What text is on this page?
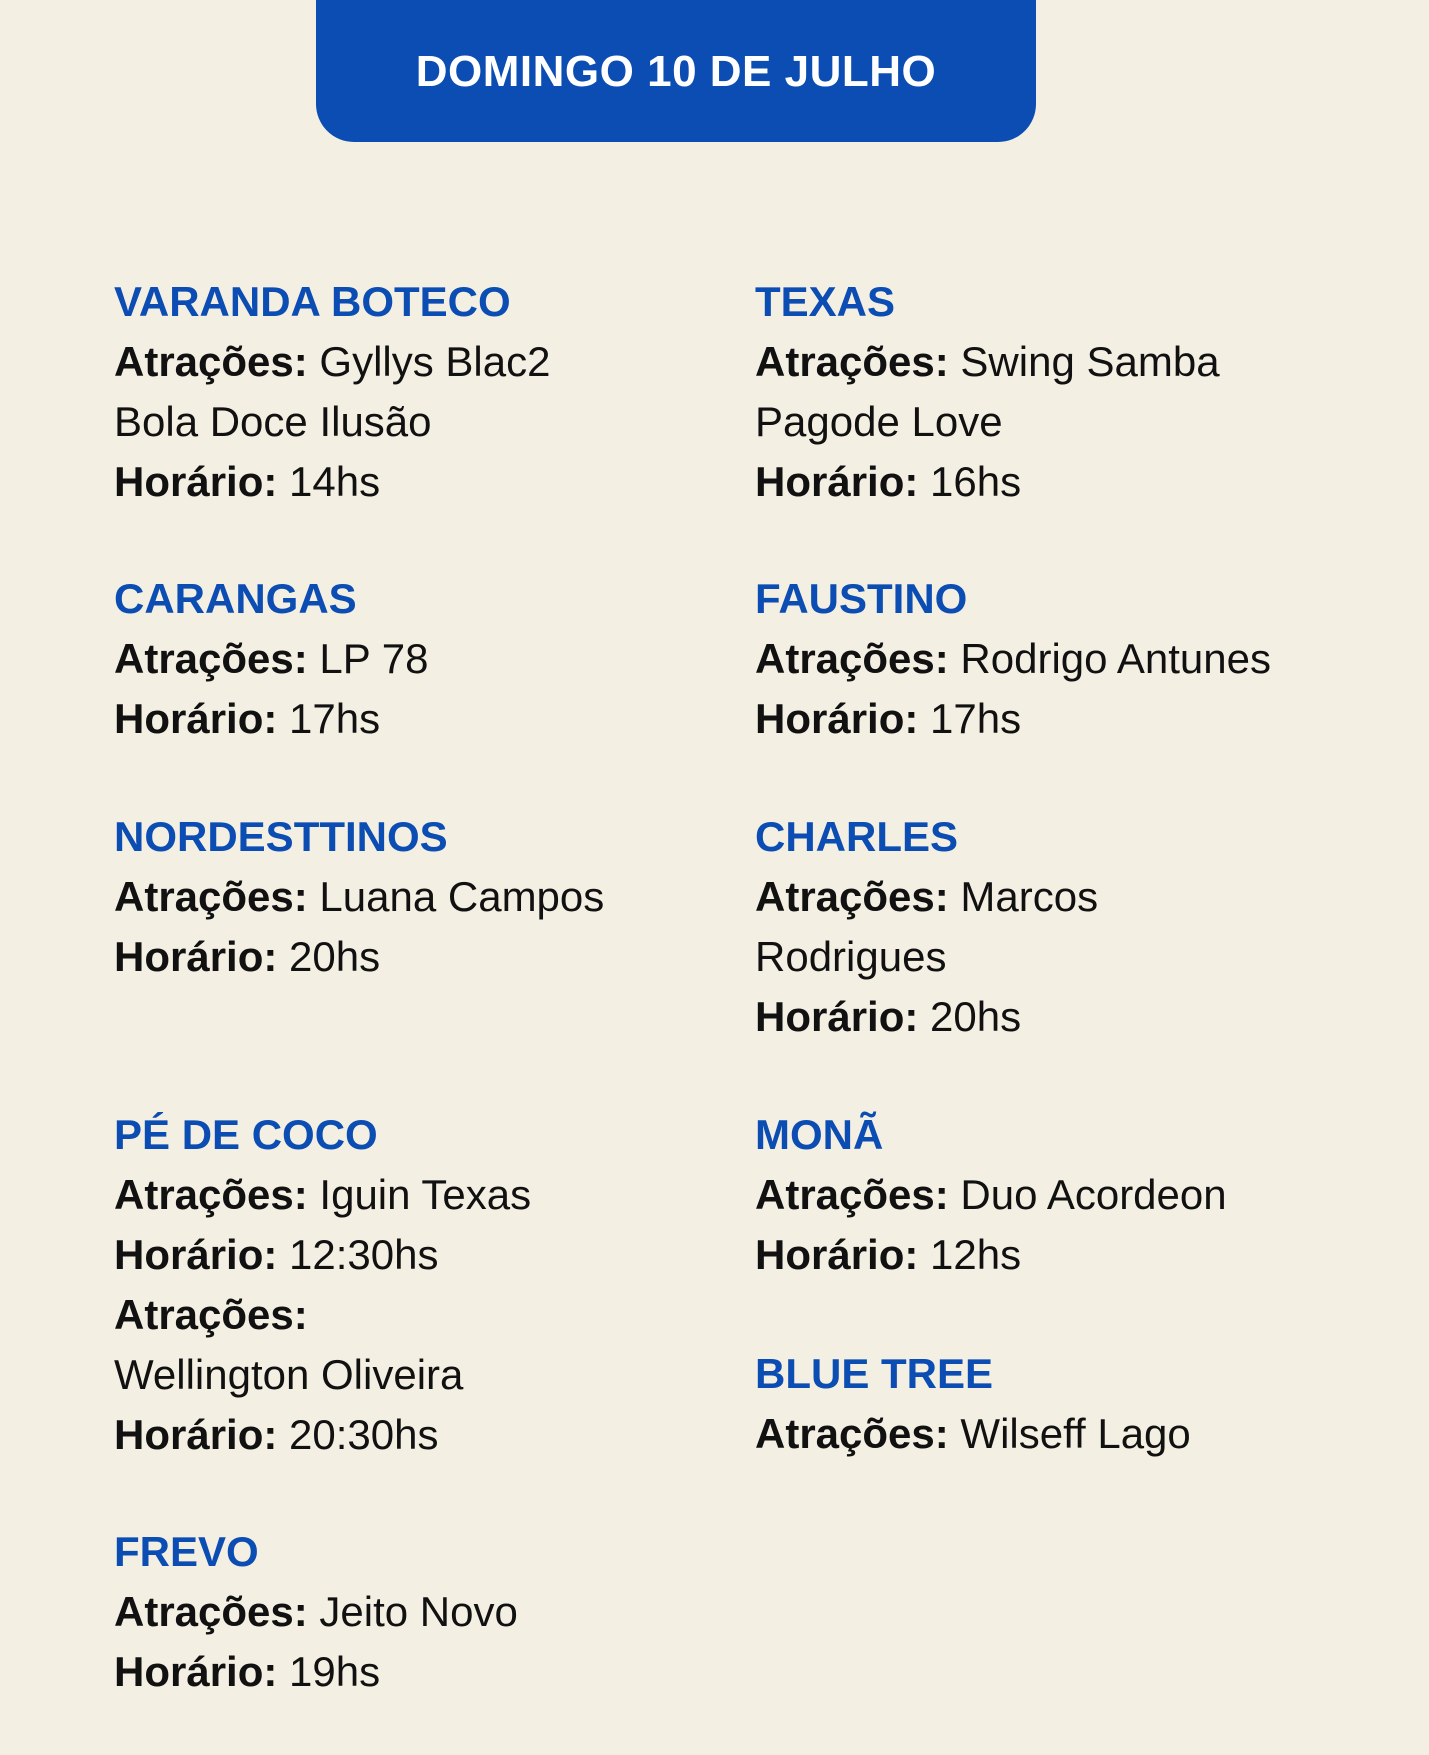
DOMINGO 10 DE JULHO
VARANDA BOTECO
Atrações: Gyllys Blac2
Bola Doce Ilusão
Horário: 14hs
CARANGAS
Atrações: LP 78
Horário: 17hs
NORDESTTINOS
Atrações: Luana Campos
Horário: 20hs
PÉ DE COCO
Atrações: Iguin Texas
Horário: 12:30hs
Atrações:
Wellington Oliveira
Horário: 20:30hs
FREVO
Atrações: Jeito Novo
Horário: 19hs
TEXAS
Atrações: Swing Samba
Pagode Love
Horário: 16hs
FAUSTINO
Atrações: Rodrigo Antunes
Horário: 17hs
CHARLES
Atrações: Marcos
Rodrigues
Horário: 20hs
MONÃ
Atrações: Duo Acordeon
Horário: 12hs
BLUE TREE
Atrações: Wilseff Lago
